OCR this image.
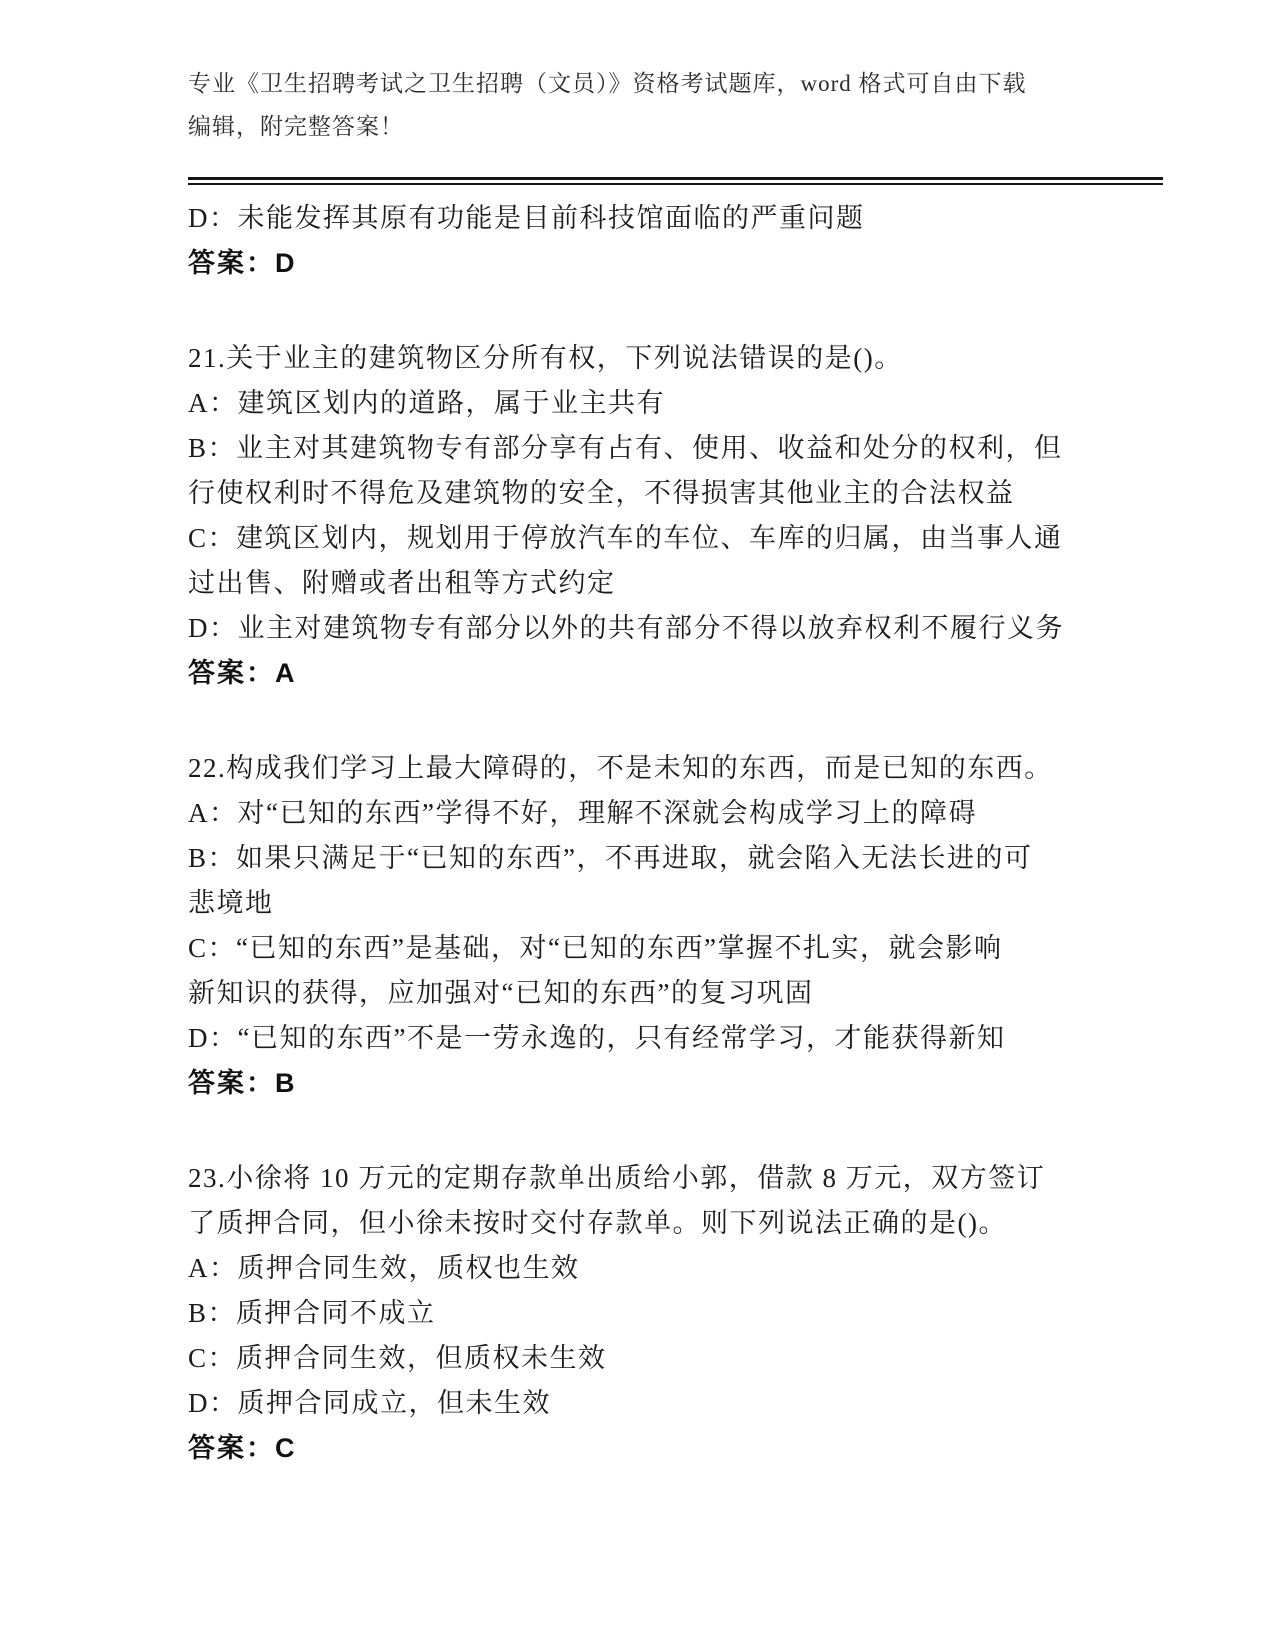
专业《卫生招聘考试之卫生招聘（文员）》资格考试题库，word 格式可自由下载
编辑，附完整答案！
D：未能发挥其原有功能是目前科技馆面临的严重问题
答案：D
21.关于业主的建筑物区分所有权，下列说法错误的是()。
A：建筑区划内的道路，属于业主共有
B：业主对其建筑物专有部分享有占有、使用、收益和处分的权利，但
行使权利时不得危及建筑物的安全，不得损害其他业主的合法权益
C：建筑区划内，规划用于停放汽车的车位、车库的归属，由当事人通
过出售、附赠或者出租等方式约定
D：业主对建筑物专有部分以外的共有部分不得以放弃权利不履行义务
答案：A
22.构成我们学习上最大障碍的，不是未知的东西，而是已知的东西。
A：对“已知的东西”学得不好，理解不深就会构成学习上的障碍
B：如果只满足于“已知的东西”，不再进取，就会陷入无法长进的可
悲境地
C：“已知的东西”是基础，对“已知的东西”掌握不扎实，就会影响
新知识的获得，应加强对“已知的东西”的复习巩固
D：“已知的东西”不是一劳永逸的，只有经常学习，才能获得新知
答案：B
23.小徐将 10 万元的定期存款单出质给小郭，借款 8 万元，双方签订
了质押合同，但小徐未按时交付存款单。则下列说法正确的是()。
A：质押合同生效，质权也生效
B：质押合同不成立
C：质押合同生效，但质权未生效
D：质押合同成立，但未生效
答案：C
